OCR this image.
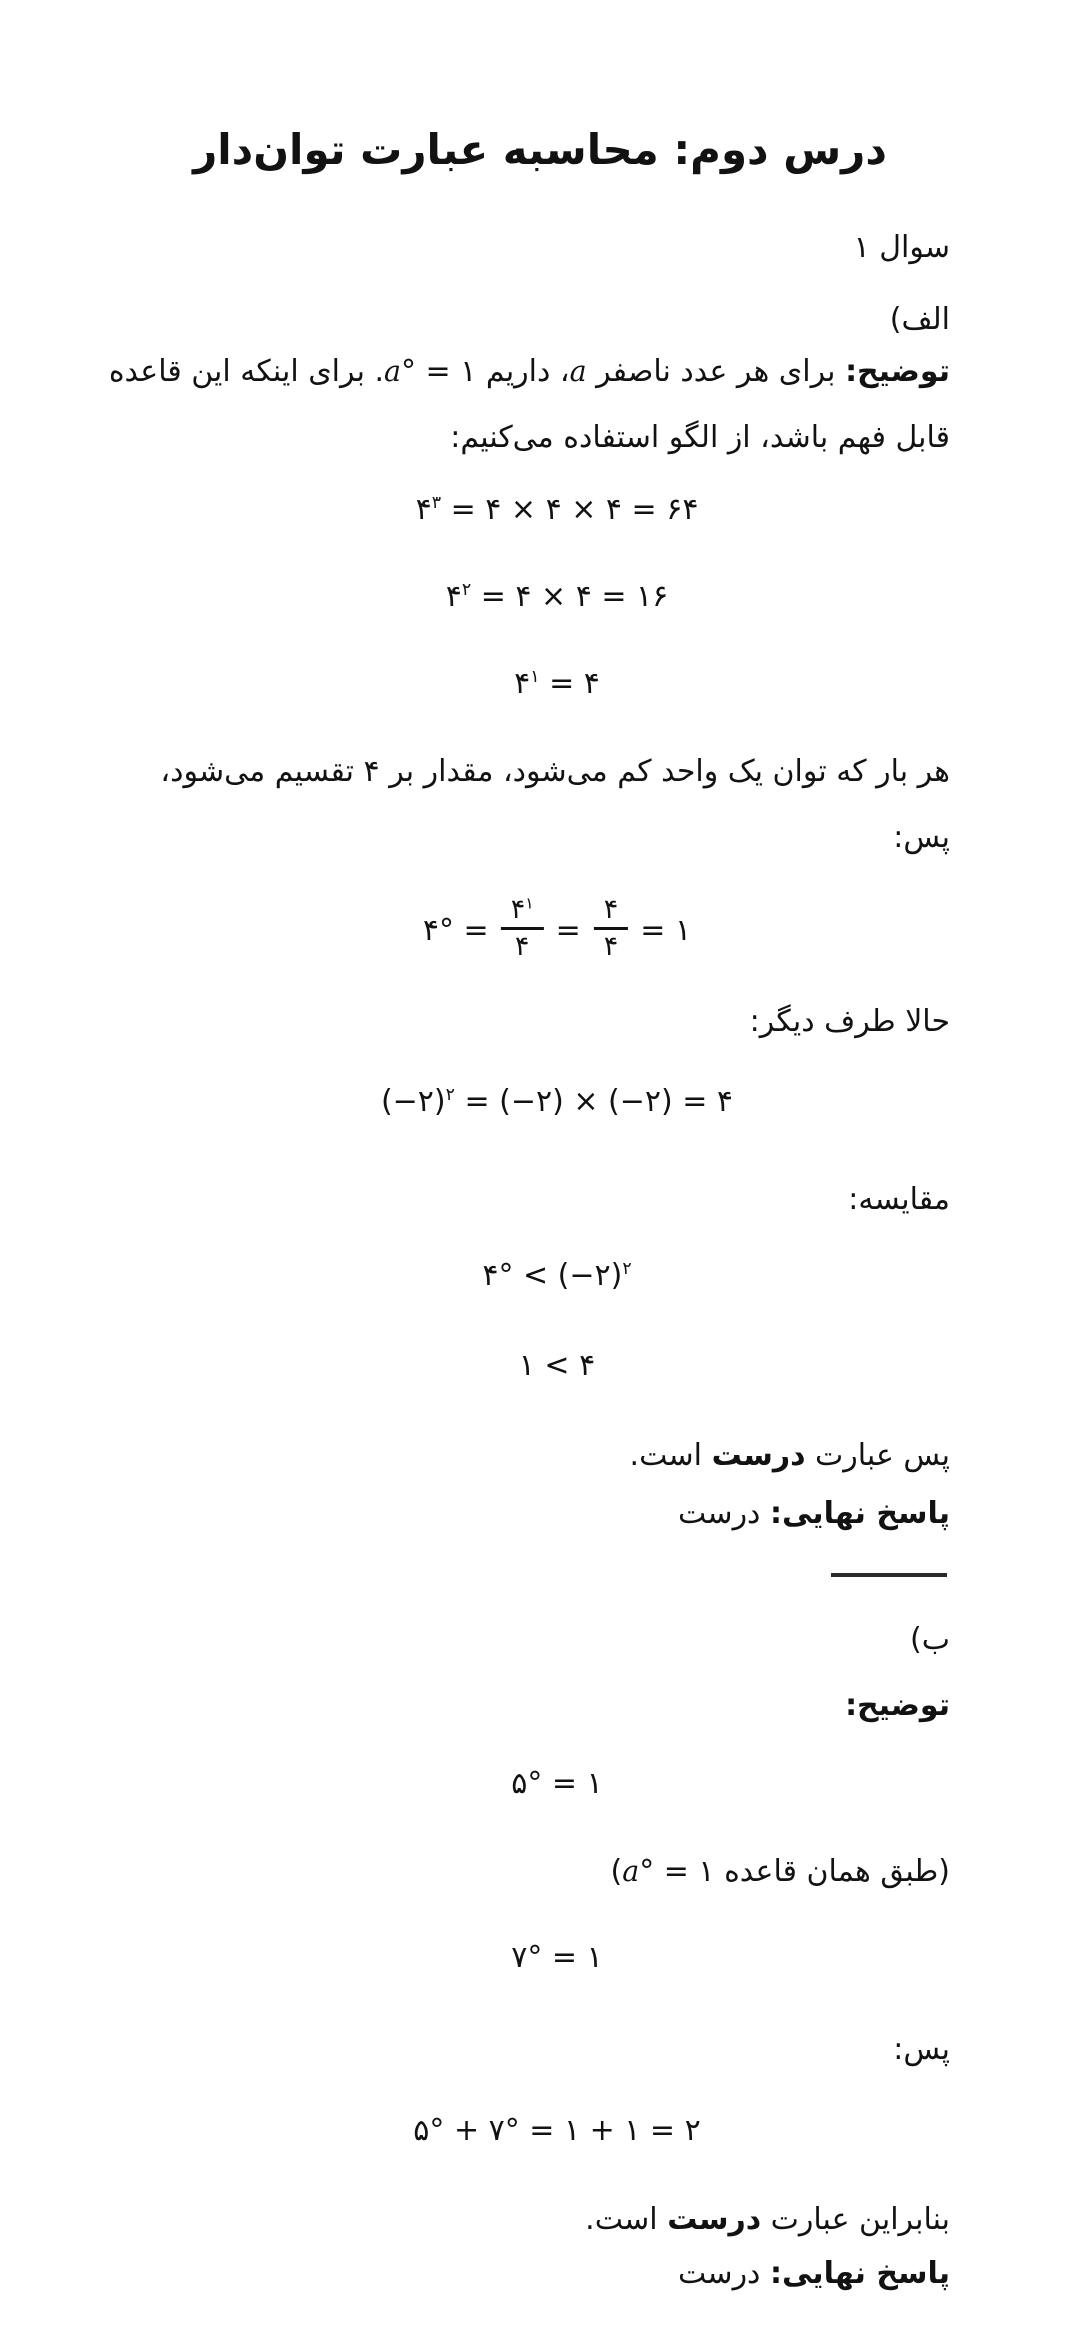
درس دوم: محاسبه عبارت توان‌دار
سوال ۱
الف)
توضیح: برای هر عدد ناصفر a، داریم a° = ۱. برای اینکه این قاعده
قابل فهم باشد، از الگو استفاده می‌کنیم:
$۴^۳$ = ۴ × ۴ × ۴ = ۶۴
$۴^۲$ = ۴ × ۴ = ۱۶
$۴^۱$ = ۴
هر بار که توان یک واحد کم می‌شود، مقدار بر ۴ تقسیم می‌شود،
پس:
۴° = $\frac{۴^۱}{۴} = \frac{۴}{۴}$ = ۱
حالا طرف دیگر:
(−۲)$^۲$ = (−۲) × (−۲) = ۴
مقایسه:
۴° < (−۲)$^۲$
۱ < ۴
پس عبارت درست است.
پاسخ نهایی: درست
ب)
توضیح:
۵° = ۱
(طبق همان قاعده a° = ۱)
۷° = ۱
پس:
۵° + ۷° = ۱ + ۱ = ۲
بنابراین عبارت درست است.
پاسخ نهایی: درست
